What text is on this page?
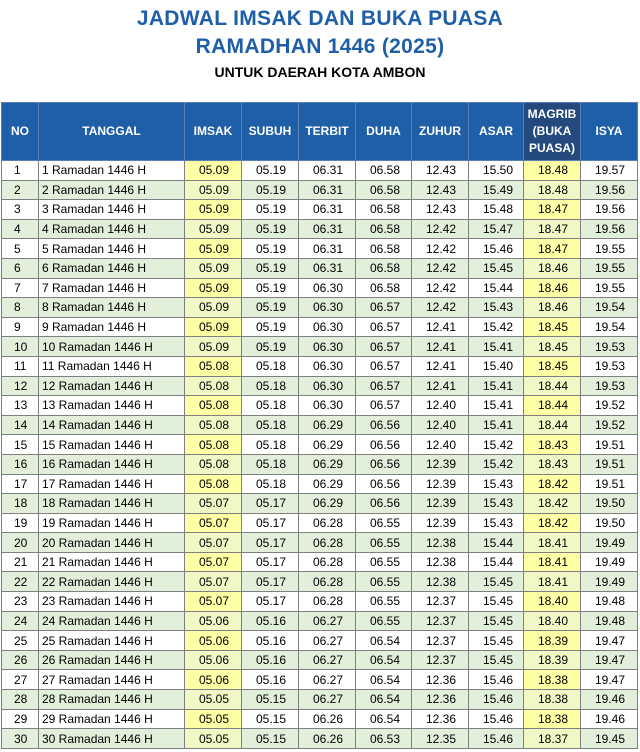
JADWAL IMSAK DAN BUKA PUASA
RAMADHAN 1446 (2025)
UNTUK DAERAH KOTA AMBON
NO	TANGGAL	IMSAK	SUBUH	TERBIT	DUHA	ZUHUR	ASAR	MAGRIB (BUKA PUASA)	ISYA
1	1 Ramadan 1446 H	05.09	05.19	06.31	06.58	12.43	15.50	18.48	19.57
2	2 Ramadan 1446 H	05.09	05.19	06.31	06.58	12.43	15.49	18.48	19.56
3	3 Ramadan 1446 H	05.09	05.19	06.31	06.58	12.43	15.48	18.47	19.56
4	4 Ramadan 1446 H	05.09	05.19	06.31	06.58	12.42	15.47	18.47	19.56
5	5 Ramadan 1446 H	05.09	05.19	06.31	06.58	12.42	15.46	18.47	19.55
6	6 Ramadan 1446 H	05.09	05.19	06.31	06.58	12.42	15.45	18.46	19.55
7	7 Ramadan 1446 H	05.09	05.19	06.30	06.58	12.42	15.44	18.46	19.55
8	8 Ramadan 1446 H	05.09	05.19	06.30	06.57	12.42	15.43	18.46	19.54
9	9 Ramadan 1446 H	05.09	05.19	06.30	06.57	12.41	15.42	18.45	19.54
10	10 Ramadan 1446 H	05.09	05.19	06.30	06.57	12.41	15.41	18.45	19.53
11	11 Ramadan 1446 H	05.08	05.18	06.30	06.57	12.41	15.40	18.45	19.53
12	12 Ramadan 1446 H	05.08	05.18	06.30	06.57	12.41	15.41	18.44	19.53
13	13 Ramadan 1446 H	05.08	05.18	06.30	06.57	12.40	15.41	18.44	19.52
14	14 Ramadan 1446 H	05.08	05.18	06.29	06.56	12.40	15.41	18.44	19.52
15	15 Ramadan 1446 H	05.08	05.18	06.29	06.56	12.40	15.42	18.43	19.51
16	16 Ramadan 1446 H	05.08	05.18	06.29	06.56	12.39	15.42	18.43	19.51
17	17 Ramadan 1446 H	05.08	05.18	06.29	06.56	12.39	15.43	18.42	19.51
18	18 Ramadan 1446 H	05.07	05.17	06.29	06.56	12.39	15.43	18.42	19.50
19	19 Ramadan 1446 H	05.07	05.17	06.28	06.55	12.39	15.43	18.42	19.50
20	20 Ramadan 1446 H	05.07	05.17	06.28	06.55	12.38	15.44	18.41	19.49
21	21 Ramadan 1446 H	05.07	05.17	06.28	06.55	12.38	15.44	18.41	19.49
22	22 Ramadan 1446 H	05.07	05.17	06.28	06.55	12.38	15.45	18.41	19.49
23	23 Ramadan 1446 H	05.07	05.17	06.28	06.55	12.37	15.45	18.40	19.48
24	24 Ramadan 1446 H	05.06	05.16	06.27	06.55	12.37	15.45	18.40	19.48
25	25 Ramadan 1446 H	05.06	05.16	06.27	06.54	12.37	15.45	18.39	19.47
26	26 Ramadan 1446 H	05.06	05.16	06.27	06.54	12.37	15.45	18.39	19.47
27	27 Ramadan 1446 H	05.06	05.16	06.27	06.54	12.36	15.46	18.38	19.47
28	28 Ramadan 1446 H	05.05	05.15	06.27	06.54	12.36	15.46	18.38	19.46
29	29 Ramadan 1446 H	05.05	05.15	06.26	06.54	12.36	15.46	18.38	19.46
30	30 Ramadan 1446 H	05.05	05.15	06.26	06.53	12.35	15.46	18.37	19.45
